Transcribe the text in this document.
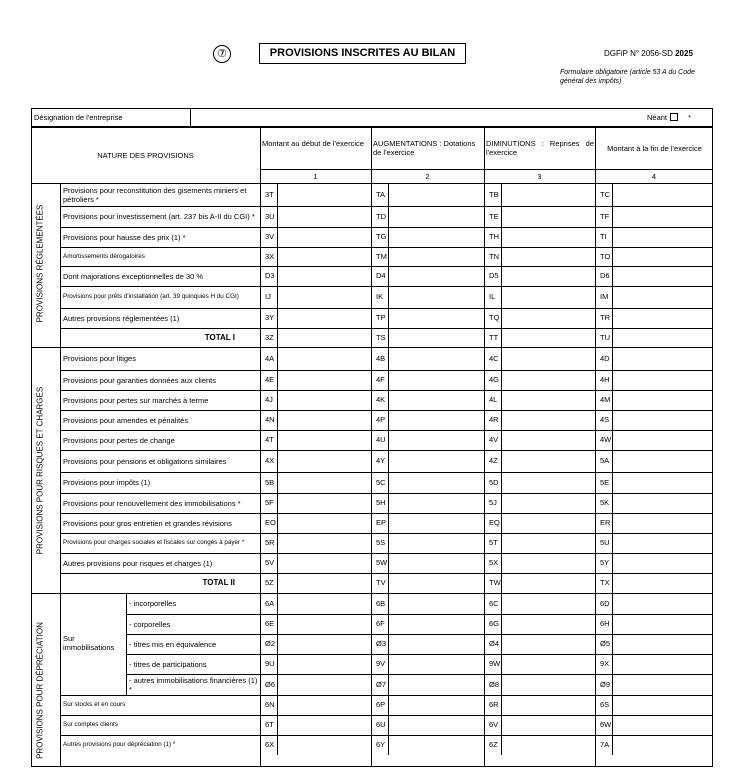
⑦	PROVISIONS INSCRITES AU BILAN	DGFiP N° 2056-SD 2025
Formulaire obligatoire (article 53 A du Code général des impôts)
Désignation de l'entreprise	Néant	*
NATURE DES PROVISIONS
Montant au début de l'exercice	AUGMENTATIONS : Dotations de l'exercice
DIMINUTIONS : Reprises de l'exercice	Montant à la fin de l'exercice
1	2	3	4
PROVISIONS RÉGLEMENTÉES
PROVISIONS POUR RISQUES ET CHARGES
PROVISIONS POUR DÉPRÉCIATION Sur immobilisations
Provisions pour reconstitution des gisements miniers et pétroliers *	3T	TA	TB	TC
Provisions pour investissement (art. 237 bis A-II du CGI) *	3U	TD	TE	TF
Provisions pour hausse des prix (1) *	3V	TG	TH	TI
Amortissements dérogatoires	3X	TM	TN	TO
Dont majorations exceptionnelles de 30 %	D3	D4	D5	D6
Provisions pour prêts d'installation (art. 39 quinquies H du CGI)	IJ	IK	IL	IM
Autres provisions réglementées (1)	3Y	TP	TQ	TR
TOTAL I	3Z	TS	TT	TU
Provisions pour litiges	4A	4B	4C	4D
Provisions pour garanties données aux clients	4E	4F	4G	4H
Provisions pour pertes sur marchés à terme	4J	4K	4L	4M
Provisions pour amendes et pénalités	4N	4P	4R	4S
Provisions pour pertes de change	4T	4U	4V	4W
Provisions pour pensions et obligations similaires	4X	4Y	4Z	5A
Provisions pour impôts (1)	5B	5C	5D	5E
Provisions pour renouvellement des immobilisations *	5F	5H	5J	5K
Provisions pour gros entretien et grandes révisions	EO	EP	EQ	ER
Provisions pour charges sociales et fiscales sur congés à payer *	5R	5S	5T	5U
Autres provisions pour risques et charges (1)	5V	5W	5X	5Y
TOTAL II	5Z	TV	TW	TX
- incorporelles	6A	6B	6C	6D
- corporelles	6E	6F	6G	6H
- titres mis en équivalence	Ø2	Ø3	Ø4	Ø5
- titres de participations	9U	9V	9W	9X
- autres immobilisations financières (1) *	Ø6	Ø7	Ø8	Ø9
Sur stocks et en cours	6N	6P	6R	6S
Sur comptes clients	6T	6U	6V	6W
Autres provisions pour dépréciation (1) *	6X	6Y	6Z	7A
